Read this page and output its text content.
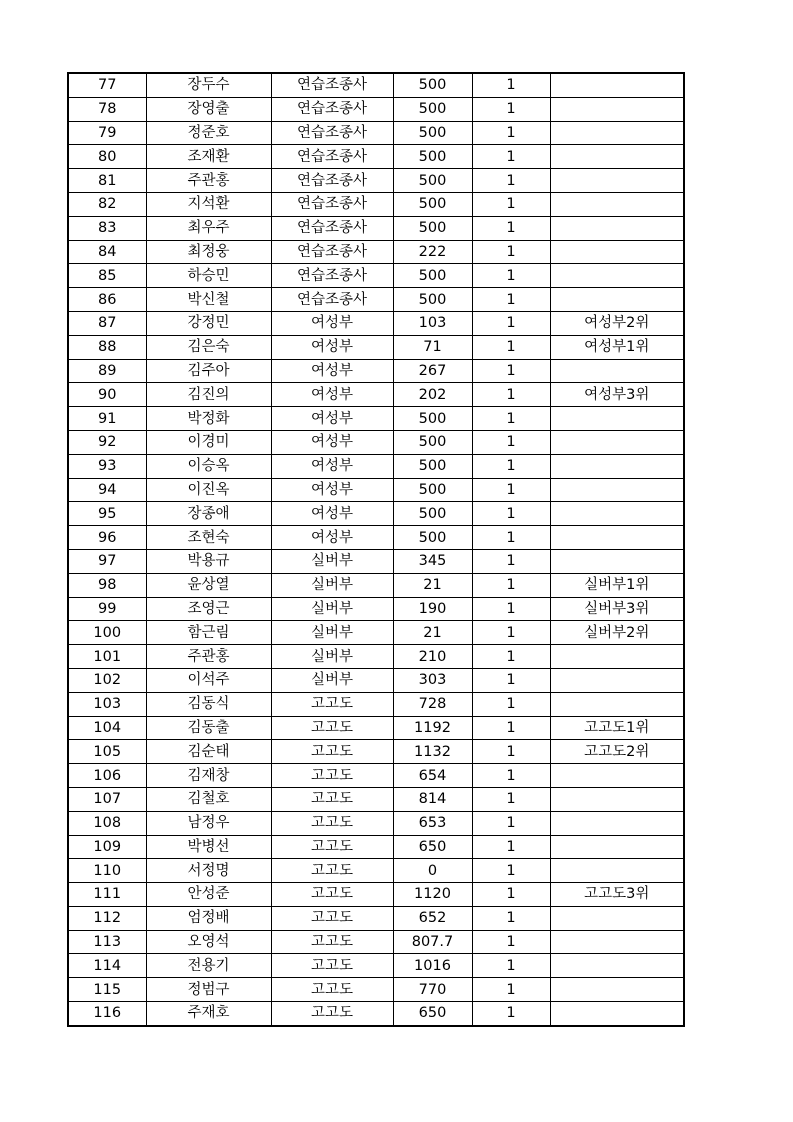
77	장두수	연습조종사	500	1	
78	장영출	연습조종사	500	1	
79	정준호	연습조종사	500	1	
80	조재환	연습조종사	500	1	
81	주관홍	연습조종사	500	1	
82	지석환	연습조종사	500	1	
83	최우주	연습조종사	500	1	
84	최정웅	연습조종사	222	1	
85	하승민	연습조종사	500	1	
86	박신철	연습조종사	500	1	
87	강정민	여성부	103	1	여성부2위
88	김은숙	여성부	71	1	여성부1위
89	김주아	여성부	267	1	
90	김진의	여성부	202	1	여성부3위
91	박정화	여성부	500	1	
92	이경미	여성부	500	1	
93	이승옥	여성부	500	1	
94	이진옥	여성부	500	1	
95	장종애	여성부	500	1	
96	조현숙	여성부	500	1	
97	박용규	실버부	345	1	
98	윤상열	실버부	21	1	실버부1위
99	조영근	실버부	190	1	실버부3위
100	함근림	실버부	21	1	실버부2위
101	주관홍	실버부	210	1	
102	이석주	실버부	303	1	
103	김동식	고고도	728	1	
104	김동출	고고도	1192	1	고고도1위
105	김순태	고고도	1132	1	고고도2위
106	김재창	고고도	654	1	
107	김철호	고고도	814	1	
108	남정우	고고도	653	1	
109	박병선	고고도	650	1	
110	서정명	고고도	0	1	
111	안성준	고고도	1120	1	고고도3위
112	엄정배	고고도	652	1	
113	오영석	고고도	807.7	1	
114	전용기	고고도	1016	1	
115	정범구	고고도	770	1	
116	주재호	고고도	650	1	
